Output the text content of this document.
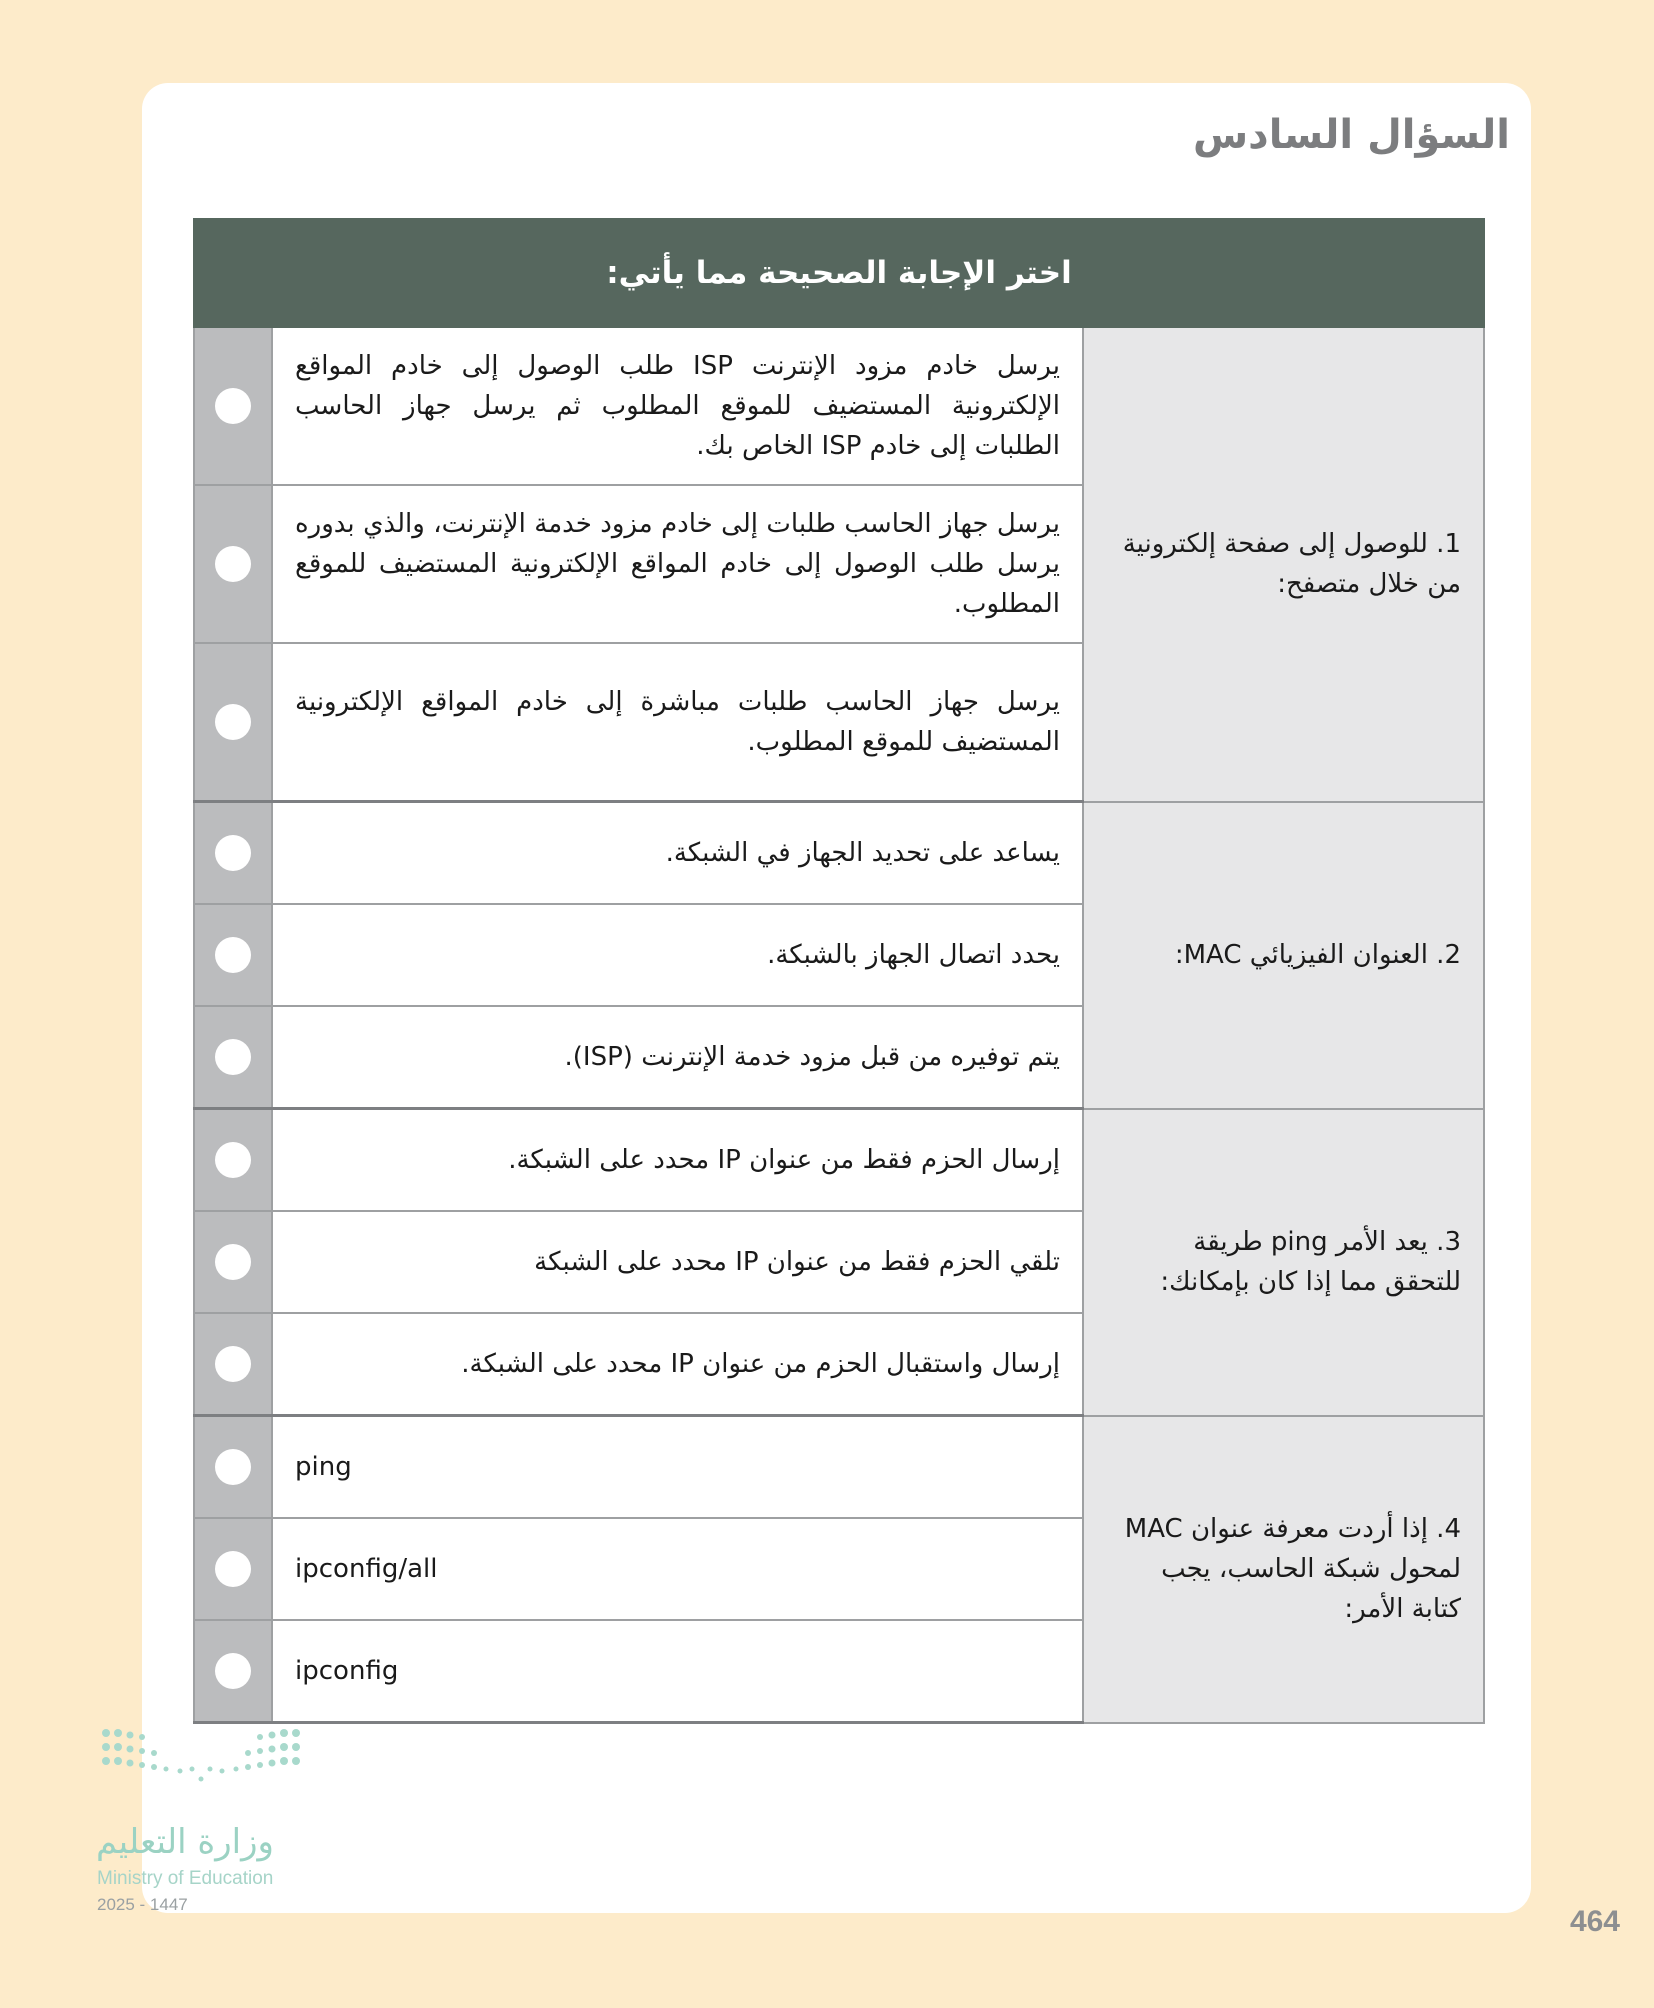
السؤال السادس
اختر الإجابة الصحيحة مما يأتي:		
1. للوصول إلى صفحة إلكترونية من خلال متصفح:	يرسل خادم مزود الإنترنت ISP طلب الوصول إلى خادم المواقع الإلكترونية المستضيف للموقع المطلوب ثم يرسل جهاز الحاسب الطلبات إلى خادم ISP الخاص بك.	
	يرسل جهاز الحاسب طلبات إلى خادم مزود خدمة الإنترنت، والذي بدوره يرسل طلب الوصول إلى خادم المواقع الإلكترونية المستضيف للموقع المطلوب.	
	يرسل جهاز الحاسب طلبات مباشرة إلى خادم المواقع الإلكترونية المستضيف للموقع المطلوب.	
2. العنوان الفيزيائي MAC:	يساعد على تحديد الجهاز في الشبكة.	
	يحدد اتصال الجهاز بالشبكة.	
	يتم توفيره من قبل مزود خدمة الإنترنت (ISP).	
3. يعد الأمر ping طريقة للتحقق مما إذا كان بإمكانك:	إرسال الحزم فقط من عنوان IP محدد على الشبكة.	
	تلقي الحزم فقط من عنوان IP محدد على الشبكة	
	إرسال واستقبال الحزم من عنوان IP محدد على الشبكة.	
4. إذا أردت معرفة عنوان MAC لمحول شبكة الحاسب، يجب كتابة الأمر:	ping	
	ipconfig/all	
	ipconfig	
وزارة التعليم
Ministry of Education
2025 - 1447
464
